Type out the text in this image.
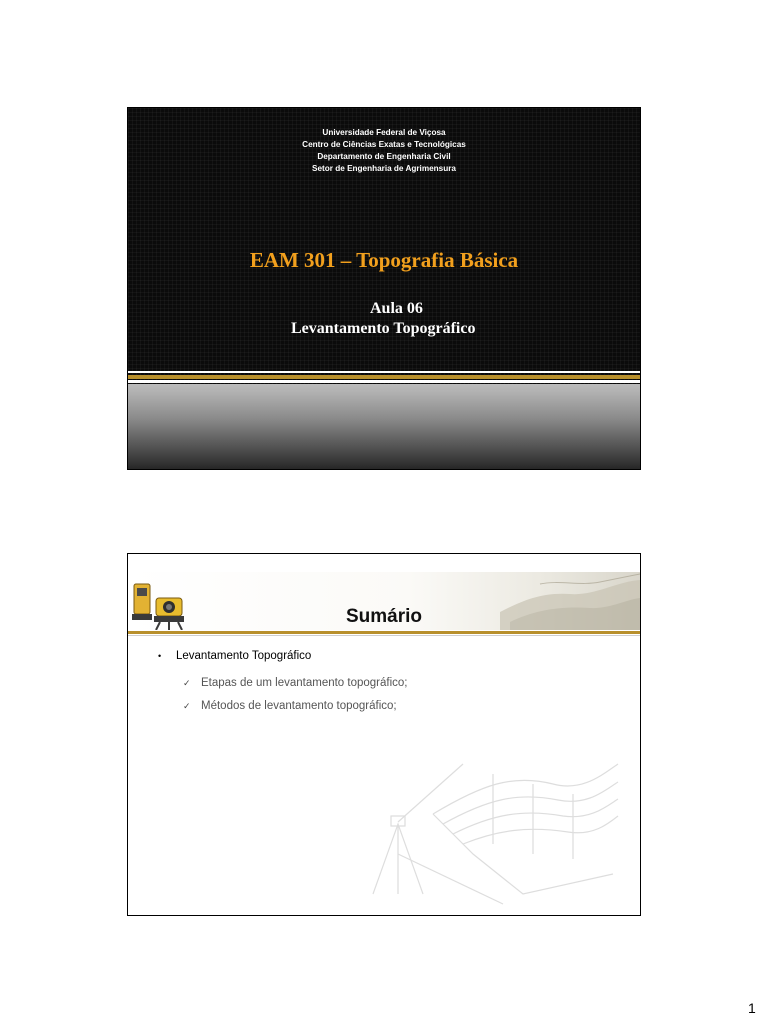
Universidade Federal de Viçosa
Centro de Ciências Exatas e Tecnológicas
Departamento de Engenharia Civil
Setor de Engenharia de Agrimensura
EAM 301 – Topografia Básica
Aula 06
Levantamento Topográfico
Sumário
• Levantamento Topográfico
✓ Etapas de um levantamento topográfico;
✓ Métodos de levantamento topográfico;
1
